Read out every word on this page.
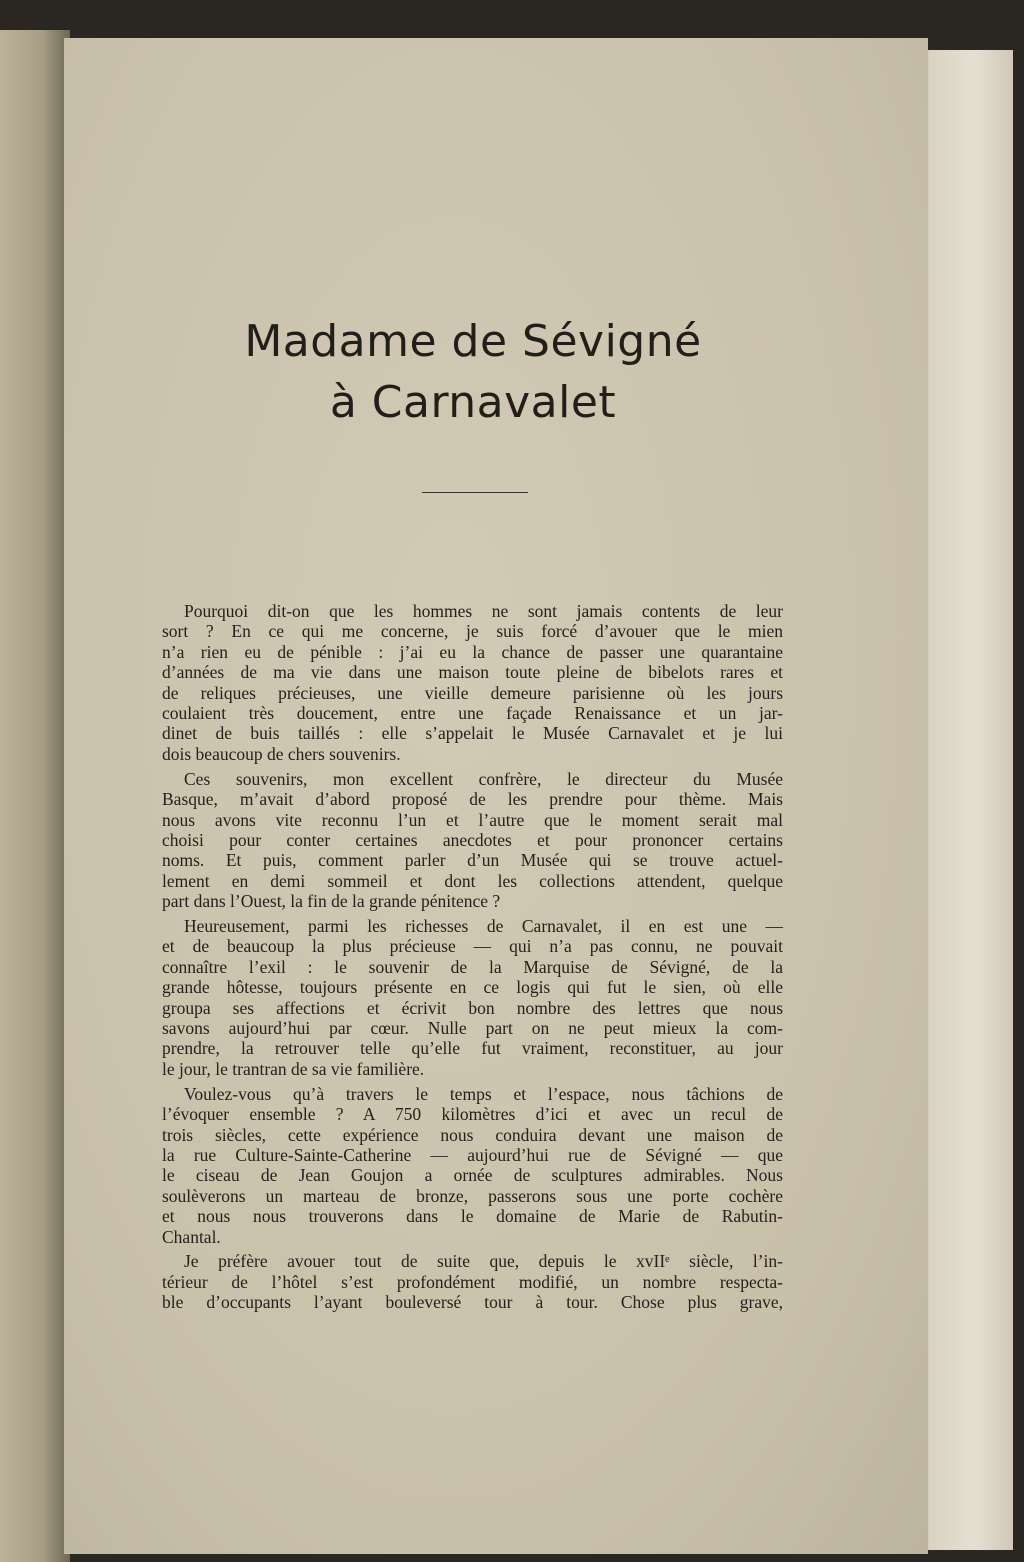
Madame de Sévigné
à Carnavalet
Pourquoi dit-on que les hommes ne sont jamais contents de leur
sort ? En ce qui me concerne, je suis forcé d’avouer que le mien
n’a rien eu de pénible : j’ai eu la chance de passer une quarantaine
d’années de ma vie dans une maison toute pleine de bibelots rares et
de reliques précieuses, une vieille demeure parisienne où les jours
coulaient très doucement, entre une façade Renaissance et un jar-
dinet de buis taillés : elle s’appelait le Musée Carnavalet et je lui
dois beaucoup de chers souvenirs.
Ces souvenirs, mon excellent confrère, le directeur du Musée
Basque, m’avait d’abord proposé de les prendre pour thème. Mais
nous avons vite reconnu l’un et l’autre que le moment serait mal
choisi pour conter certaines anecdotes et pour prononcer certains
noms. Et puis, comment parler d’un Musée qui se trouve actuel-
lement en demi sommeil et dont les collections attendent, quelque
part dans l’Ouest, la fin de la grande pénitence ?
Heureusement, parmi les richesses de Carnavalet, il en est une —
et de beaucoup la plus précieuse — qui n’a pas connu, ne pouvait
connaître l’exil : le souvenir de la Marquise de Sévigné, de la
grande hôtesse, toujours présente en ce logis qui fut le sien, où elle
groupa ses affections et écrivit bon nombre des lettres que nous
savons aujourd’hui par cœur. Nulle part on ne peut mieux la com-
prendre, la retrouver telle qu’elle fut vraiment, reconstituer, au jour
le jour, le trantran de sa vie familière.
Voulez-vous qu’à travers le temps et l’espace, nous tâchions de
l’évoquer ensemble ? A 750 kilomètres d’ici et avec un recul de
trois siècles, cette expérience nous conduira devant une maison de
la rue Culture-Sainte-Catherine — aujourd’hui rue de Sévigné — que
le ciseau de Jean Goujon a ornée de sculptures admirables. Nous
soulèverons un marteau de bronze, passerons sous une porte cochère
et nous nous trouverons dans le domaine de Marie de Rabutin-
Chantal.
Je préfère avouer tout de suite que, depuis le xvIIᵉ siècle, l’in-
térieur de l’hôtel s’est profondément modifié, un nombre respecta-
ble d’occupants l’ayant bouleversé tour à tour. Chose plus grave,
